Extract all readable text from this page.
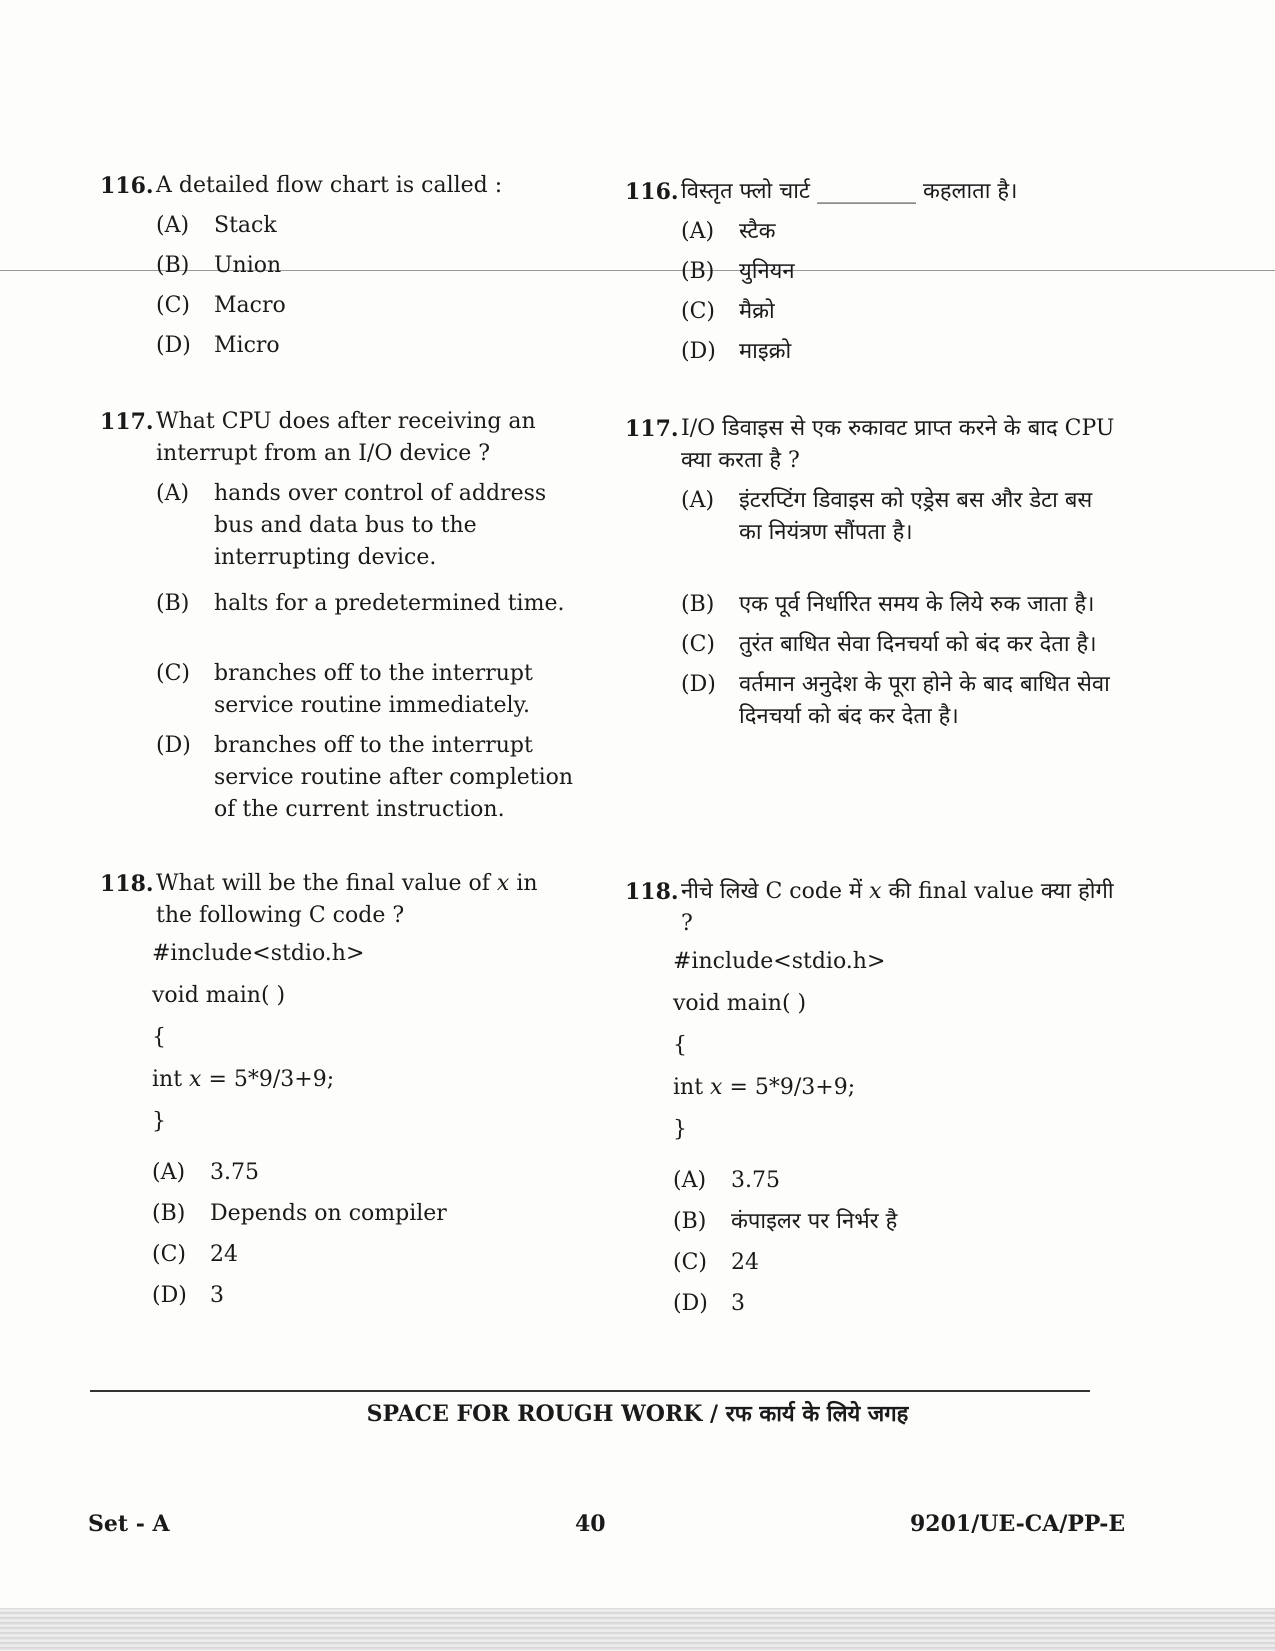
116. A detailed flow chart is called :
(A)	Stack
(B)	Union
(C)	Macro
(D)	Micro
117. What CPU does after receiving an interrupt from an I/O device ?
(A)	hands over control of address bus and data bus to the interrupting device.
(B)	halts for a predetermined time.
(C)	branches off to the interrupt service routine immediately.
(D)	branches off to the interrupt service routine after completion of the current instruction.
118. What will be the final value of x in the following C code ?
#include<stdio.h>
void main( )
{
int x = 5*9/3+9;
}
(A)	3.75
(B)	Depends on compiler
(C)	24
(D)	3
116. विस्तृत फ्लो चार्ट _________ कहलाता है।
(A)	स्टैक
(B)	युनियन
(C)	मैक्रो
(D)	माइक्रो
117. I/O डिवाइस से एक रुकावट प्राप्त करने के बाद CPU क्या करता है ?
(A)	इंटरप्टिंग डिवाइस को एड्रेस बस और डेटा बस का नियंत्रण सौंपता है।
(B)	एक पूर्व निर्धारित समय के लिये रुक जाता है।
(C)	तुरंत बाधित सेवा दिनचर्या को बंद कर देता है।
(D)	वर्तमान अनुदेश के पूरा होने के बाद बाधित सेवा दिनचर्या को बंद कर देता है।
118. नीचे लिखे C code में x की final value क्या होगी ?
#include<stdio.h>
void main( )
{
int x = 5*9/3+9;
}
(A)	3.75
(B)	कंपाइलर पर निर्भर है
(C)	24
(D)	3
SPACE FOR ROUGH WORK / रफ कार्य के लिये जगह
Set - A	40	9201/UE-CA/PP-E
